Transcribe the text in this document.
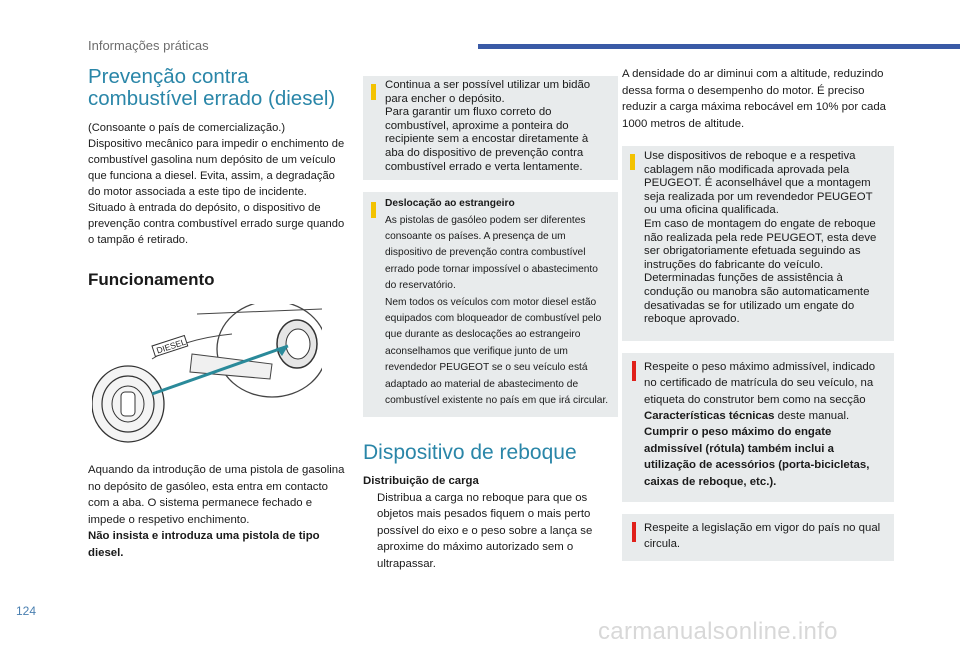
Informações práticas
Prevenção contra
combustível errado (diesel)
(Consoante o país de comercialização.)
Dispositivo mecânico para impedir o enchimento de combustível gasolina num depósito de um veículo que funciona a diesel. Evita, assim, a degradação do motor associada a este tipo de incidente.
Situado à entrada do depósito, o dispositivo de prevenção contra combustível errado surge quando o tampão é retirado.
Funcionamento
DIESEL
Aquando da introdução de uma pistola de gasolina no depósito de gasóleo, esta entra em contacto com a aba. O sistema permanece fechado e impede o respetivo enchimento.
Não insista e introduza uma pistola de tipo diesel.
Continua a ser possível utilizar um bidão para encher o depósito.
Para garantir um fluxo correto do combustível, aproxime a ponteira do recipiente sem a encostar diretamente à aba do dispositivo de prevenção contra combustível errado e verta lentamente.
Deslocação ao estrangeiro
As pistolas de gasóleo podem ser diferentes consoante os países. A presença de um dispositivo de prevenção contra combustível errado pode tornar impossível o abastecimento do reservatório.
Nem todos os veículos com motor diesel estão equipados com bloqueador de combustível pelo que durante as deslocações ao estrangeiro aconselhamos que verifique junto de um revendedor PEUGEOT se o seu veículo está adaptado ao material de abastecimento de combustível existente no país em que irá circular.
Dispositivo de reboque
Distribuição de carga
Distribua a carga no reboque para que os objetos mais pesados fiquem o mais perto possível do eixo e o peso sobre a lança se aproxime do máximo autorizado sem o ultrapassar.
A densidade do ar diminui com a altitude, reduzindo dessa forma o desempenho do motor. É preciso reduzir a carga máxima rebocável em 10% por cada 1000 metros de altitude.
Use dispositivos de reboque e a respetiva cablagem não modificada aprovada pela PEUGEOT. É aconselhável que a montagem seja realizada por um revendedor PEUGEOT ou uma oficina qualificada.
Em caso de montagem do engate de reboque não realizada pela rede PEUGEOT, esta deve ser obrigatoriamente efetuada seguindo as instruções do fabricante do veículo.
Determinadas funções de assistência à condução ou manobra são automaticamente desativadas se for utilizado um engate do reboque aprovado.
Respeite o peso máximo admissível, indicado no certificado de matrícula do seu veículo, na etiqueta do construtor bem como na secção Características técnicas deste manual.
Cumprir o peso máximo do engate admissível (rótula) também inclui a utilização de acessórios (porta-bicicletas, caixas de reboque, etc.).
Respeite a legislação em vigor do país no qual circula.
124
carmanualsonline.info
